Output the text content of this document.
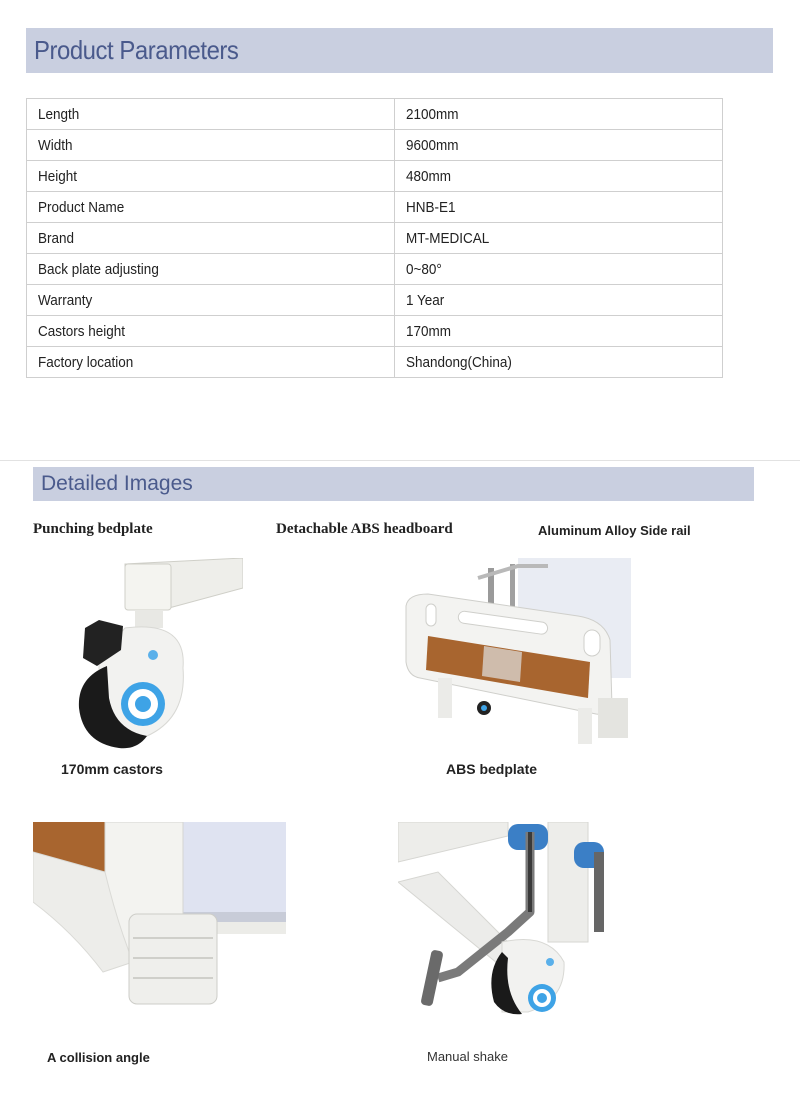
Product Parameters
Length	2100mm
Width	9600mm
Height	480mm
Product Name	HNB-E1
Brand	MT-MEDICAL
Back plate adjusting	0~80°
Warranty	1 Year
Castors height	170mm
Factory location	Shandong(China)
Detailed Images
Punching bedplate	Detachable ABS headboard	Aluminum Alloy Side rail
170mm castors	ABS bedplate
A collision angle	Manual shake
